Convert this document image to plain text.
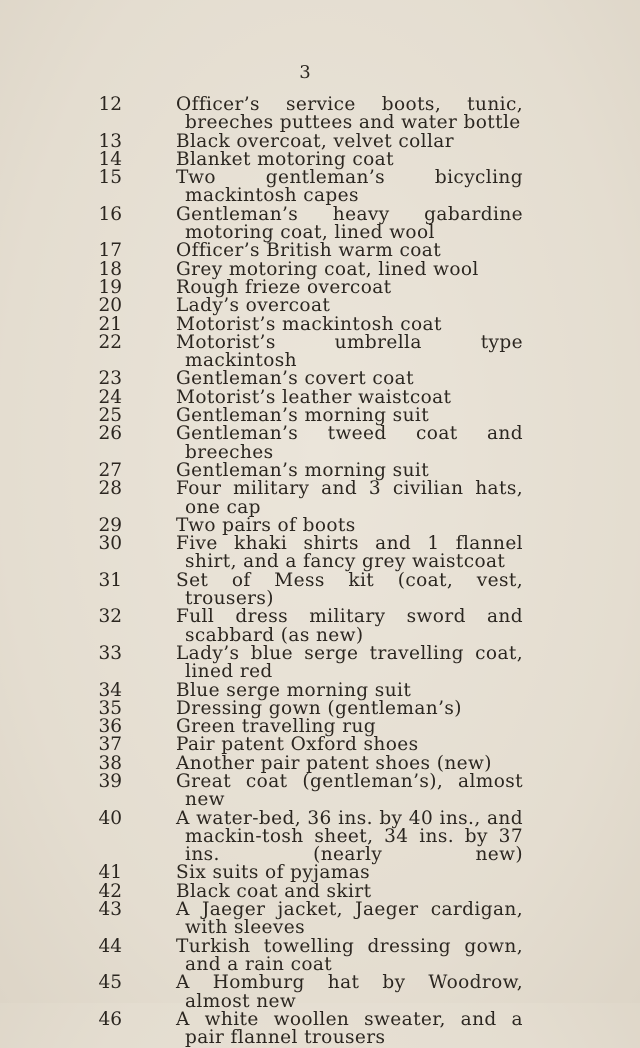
3
12	Officer’s service boots, tunic, breeches puttees and water bottle
13	Black overcoat, velvet collar
14	Blanket motoring coat
15	Two gentleman’s bicycling mackintosh capes
16	Gentleman’s heavy gabardine motoring coat, lined wool
17	Officer’s British warm coat
18	Grey motoring coat, lined wool
19	Rough frieze overcoat
20	Lady’s overcoat
21	Motorist’s mackintosh coat
22	Motorist’s umbrella type mackintosh
23	Gentleman’s covert coat
24	Motorist’s leather waistcoat
25	Gentleman’s morning suit
26	Gentleman’s tweed coat and breeches
27	Gentleman’s morning suit
28	Four military and 3 civilian hats, one cap
29	Two pairs of boots
30	Five khaki shirts and 1 flannel shirt, and a fancy grey waistcoat
31	Set of Mess kit (coat, vest, trousers)
32	Full dress military sword and scabbard (as new)
33	Lady’s blue serge travelling coat, lined red
34	Blue serge morning suit
35	Dressing gown (gentleman’s)
36	Green travelling rug
37	Pair patent Oxford shoes
38	Another pair patent shoes (new)
39	Great coat (gentleman’s), almost new
40	A water-bed, 36 ins. by 40 ins., and mackin-tosh sheet, 34 ins. by 37 ins. (nearly new)
41	Six suits of pyjamas
42	Black coat and skirt
43	A Jaeger jacket, Jaeger cardigan, with sleeves
44	Turkish towelling dressing gown, and a rain coat
45	A Homburg hat by Woodrow, almost new
46	A white woollen sweater, and a pair flannel trousers
